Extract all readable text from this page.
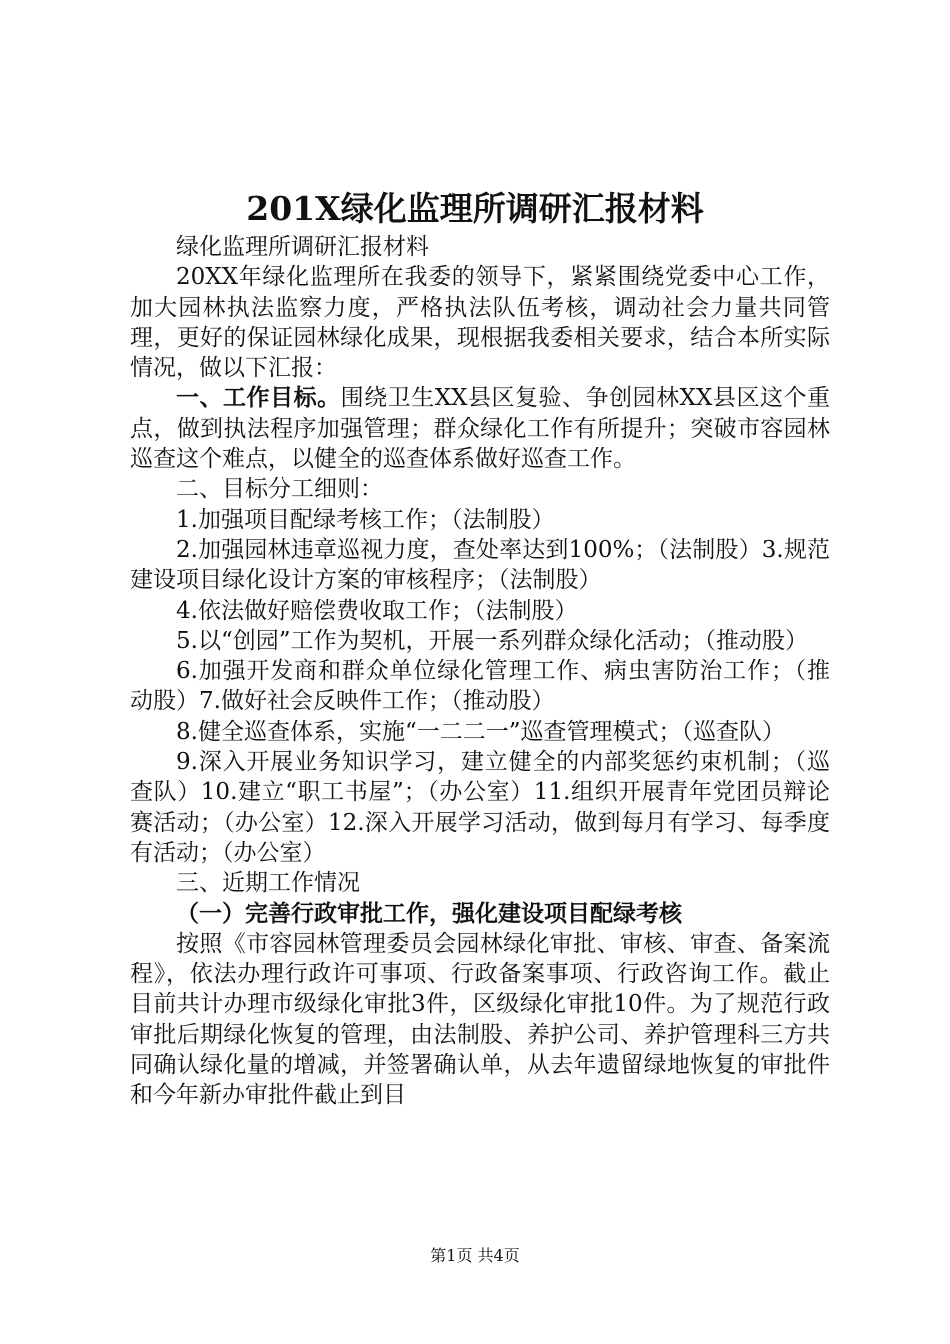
201X绿化监理所调研汇报材料

绿化监理所调研汇报材料

20XX年绿化监理所在我委的领导下，紧紧围绕党委中心工作，加大园林执法监察力度，严格执法队伍考核，调动社会力量共同管理，更好的保证园林绿化成果，现根据我委相关要求，结合本所实际情况，做以下汇报：

一、工作目标。围绕卫生XX县区复验、争创园林XX县区这个重点，做到执法程序加强管理；群众绿化工作有所提升；突破市容园林巡查这个难点，以健全的巡查体系做好巡查工作。

二、目标分工细则：

1.加强项目配绿考核工作；（法制股）

2.加强园林违章巡视力度，查处率达到100%；（法制股）3.规范建设项目绿化设计方案的审核程序；（法制股）

4.依法做好赔偿费收取工作；（法制股）

5.以“创园”工作为契机，开展一系列群众绿化活动；（推动股）

6.加强开发商和群众单位绿化管理工作、病虫害防治工作；（推动股）7.做好社会反映件工作；（推动股）

8.健全巡查体系，实施“一二二一”巡查管理模式；（巡查队）

9.深入开展业务知识学习，建立健全的内部奖惩约束机制；（巡查队）10.建立“职工书屋”；（办公室）11.组织开展青年党团员辩论赛活动；（办公室）12.深入开展学习活动，做到每月有学习、每季度有活动；（办公室）

三、近期工作情况

（一）完善行政审批工作，强化建设项目配绿考核

按照《市容园林管理委员会园林绿化审批、审核、审查、备案流程》，依法办理行政许可事项、行政备案事项、行政咨询工作。截止目前共计办理市级绿化审批3件，区级绿化审批10件。为了规范行政审批后期绿化恢复的管理，由法制股、养护公司、养护管理科三方共同确认绿化量的增减，并签署确认单，从去年遗留绿地恢复的审批件和今年新办审批件截止到目

第1页 共4页
